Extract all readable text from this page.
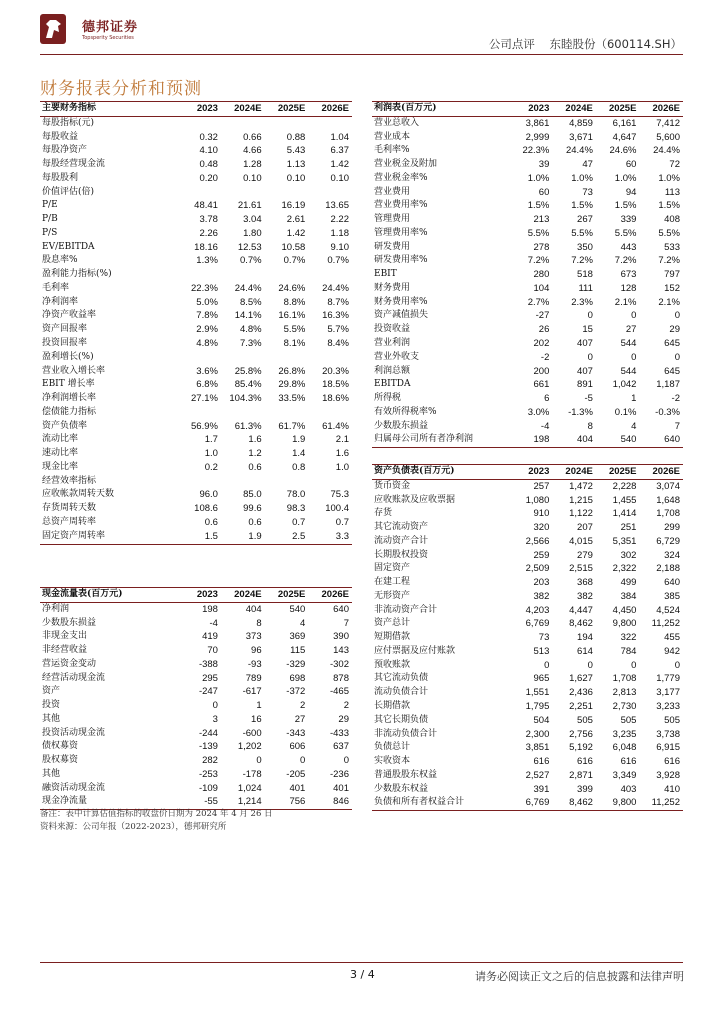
德邦证券
Topsperity Securities	公司点评 东睦股份（600114.SH）
财务报表分析和预测
主要财务指标	2023	2024E	2025E	2026E
每股指标(元)				
每股收益	0.32	0.66	0.88	1.04
每股净资产	4.10	4.66	5.43	6.37
每股经营现金流	0.48	1.28	1.13	1.42
每股股利	0.20	0.10	0.10	0.10
价值评估(倍)				
P/E	48.41	21.61	16.19	13.65
P/B	3.78	3.04	2.61	2.22
P/S	2.26	1.80	1.42	1.18
EV/EBITDA	18.16	12.53	10.58	9.10
股息率%	1.3%	0.7%	0.7%	0.7%
盈利能力指标(%)				
毛利率	22.3%	24.4%	24.6%	24.4%
净利润率	5.0%	8.5%	8.8%	8.7%
净资产收益率	7.8%	14.1%	16.1%	16.3%
资产回报率	2.9%	4.8%	5.5%	5.7%
投资回报率	4.8%	7.3%	8.1%	8.4%
盈利增长(%)				
营业收入增长率	3.6%	25.8%	26.8%	20.3%
EBIT 增长率	6.8%	85.4%	29.8%	18.5%
净利润增长率	27.1%	104.3%	33.5%	18.6%
偿债能力指标				
资产负债率	56.9%	61.3%	61.7%	61.4%
流动比率	1.7	1.6	1.9	2.1
速动比率	1.0	1.2	1.4	1.6
现金比率	0.2	0.6	0.8	1.0
经营效率指标				
应收帐款周转天数	96.0	85.0	78.0	75.3
存货周转天数	108.6	99.6	98.3	100.4
总资产周转率	0.6	0.6	0.7	0.7
固定资产周转率	1.5	1.9	2.5	3.3
利润表(百万元)	2023	2024E	2025E	2026E
营业总收入	3,861	4,859	6,161	7,412
营业成本	2,999	3,671	4,647	5,600
毛利率%	22.3%	24.4%	24.6%	24.4%
营业税金及附加	39	47	60	72
营业税金率%	1.0%	1.0%	1.0%	1.0%
营业费用	60	73	94	113
营业费用率%	1.5%	1.5%	1.5%	1.5%
管理费用	213	267	339	408
管理费用率%	5.5%	5.5%	5.5%	5.5%
研发费用	278	350	443	533
研发费用率%	7.2%	7.2%	7.2%	7.2%
EBIT	280	518	673	797
财务费用	104	111	128	152
财务费用率%	2.7%	2.3%	2.1%	2.1%
资产减值损失	-27	0	0	0
投资收益	26	15	27	29
营业利润	202	407	544	645
营业外收支	-2	0	0	0
利润总额	200	407	544	645
EBITDA	661	891	1,042	1,187
所得税	6	-5	1	-2
有效所得税率%	3.0%	-1.3%	0.1%	-0.3%
少数股东损益	-4	8	4	7
归属母公司所有者净利润	198	404	540	640
资产负债表(百万元)	2023	2024E	2025E	2026E
货币资金	257	1,472	2,228	3,074
应收账款及应收票据	1,080	1,215	1,455	1,648
存货	910	1,122	1,414	1,708
其它流动资产	320	207	251	299
流动资产合计	2,566	4,015	5,351	6,729
长期股权投资	259	279	302	324
固定资产	2,509	2,515	2,322	2,188
在建工程	203	368	499	640
无形资产	382	382	384	385
非流动资产合计	4,203	4,447	4,450	4,524
资产总计	6,769	8,462	9,800	11,252
短期借款	73	194	322	455
应付票据及应付账款	513	614	784	942
预收账款	0	0	0	0
其它流动负债	965	1,627	1,708	1,779
流动负债合计	1,551	2,436	2,813	3,177
长期借款	1,795	2,251	2,730	3,233
其它长期负债	504	505	505	505
非流动负债合计	2,300	2,756	3,235	3,738
负债总计	3,851	5,192	6,048	6,915
实收资本	616	616	616	616
普通股股东权益	2,527	2,871	3,349	3,928
少数股东权益	391	399	403	410
负债和所有者权益合计	6,769	8,462	9,800	11,252
现金流量表(百万元)	2023	2024E	2025E	2026E
净利润	198	404	540	640
少数股东损益	-4	8	4	7
非现金支出	419	373	369	390
非经营收益	70	96	115	143
营运资金变动	-388	-93	-329	-302
经营活动现金流	295	789	698	878
资产	-247	-617	-372	-465
投资	0	1	2	2
其他	3	16	27	29
投资活动现金流	-244	-600	-343	-433
债权募资	-139	1,202	606	637
股权募资	282	0	0	0
其他	-253	-178	-205	-236
融资活动现金流	-109	1,024	401	401
现金净流量	-55	1,214	756	846
备注：表中计算估值指标的收盘价日期为 2024 年 4 月 26 日
资料来源：公司年报（2022-2023），德邦研究所
3 / 4	请务必阅读正文之后的信息披露和法律声明
